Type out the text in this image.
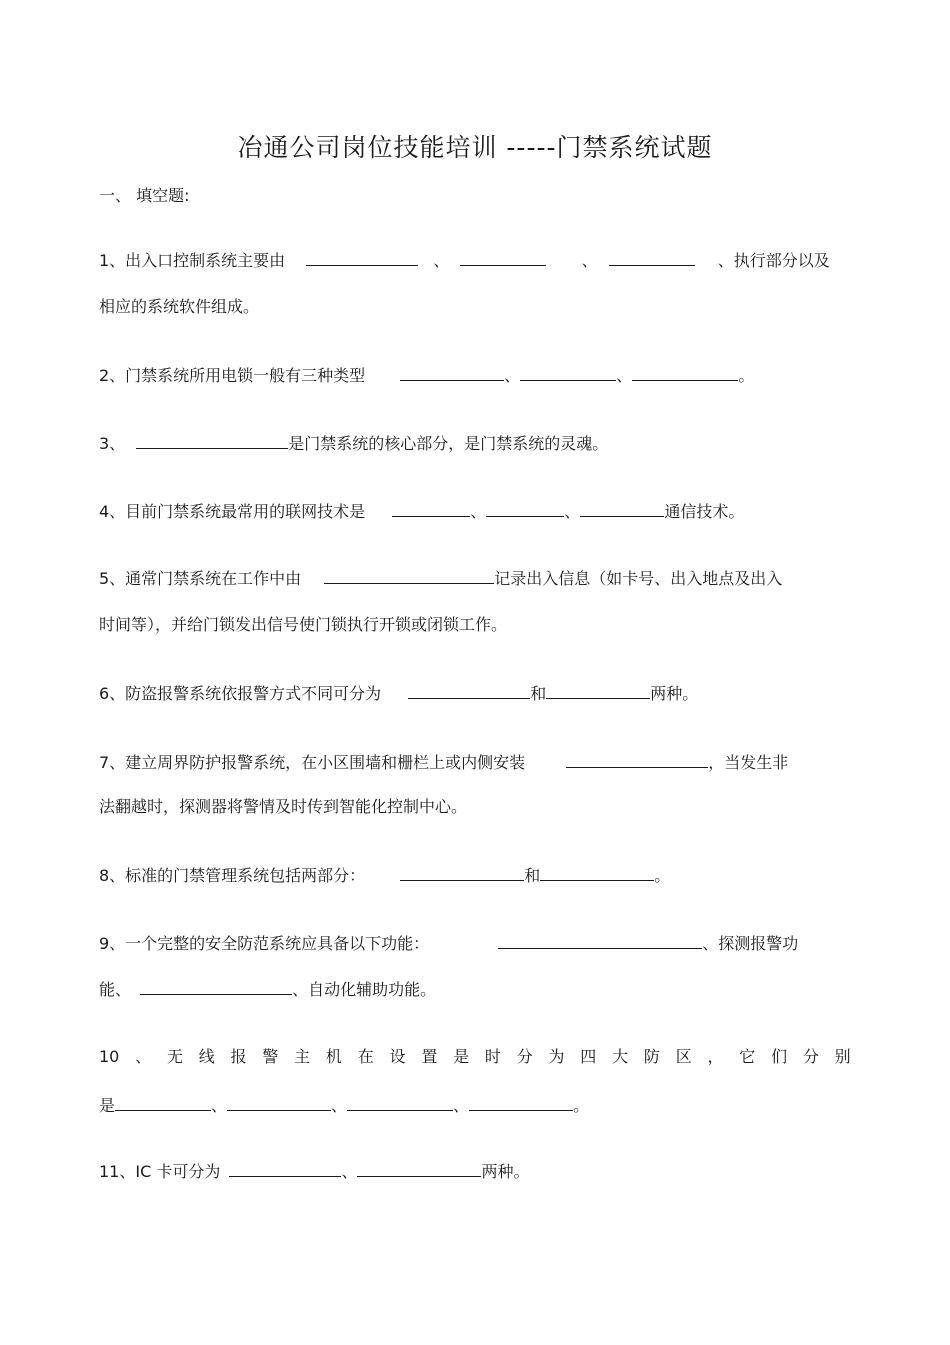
冶通公司岗位技能培训 -----门禁系统试题
一、 填空题:
1、出入口控制系统主要由	、	、	、执行部分以及
相应的系统软件组成。
2、门禁系统所用电锁一般有三种类型	、	、	。
3、	是门禁系统的核心部分，是门禁系统的灵魂。
4、目前门禁系统最常用的联网技术是	、	、	通信技术。
5、通常门禁系统在工作中由	记录出入信息（如卡号、出入地点及出入
时间等），并给门锁发出信号使门锁执行开锁或闭锁工作。
6、防盗报警系统依报警方式不同可分为	和	两种。
7、建立周界防护报警系统，在小区围墙和栅栏上或内侧安装	，当发生非
法翻越时，探测器将警情及时传到智能化控制中心。
8、标准的门禁管理系统包括两部分：	和	。
9、一个完整的安全防范系统应具备以下功能：	、探测报警功
能、	、自动化辅助功能。
10 、 无 线 报 警 主 机 在 设 置 是 时 分 为 四 大 防 区 ， 它 们 分 别
是	、	、	、	。
11、IC 卡可分为	、	两种。
